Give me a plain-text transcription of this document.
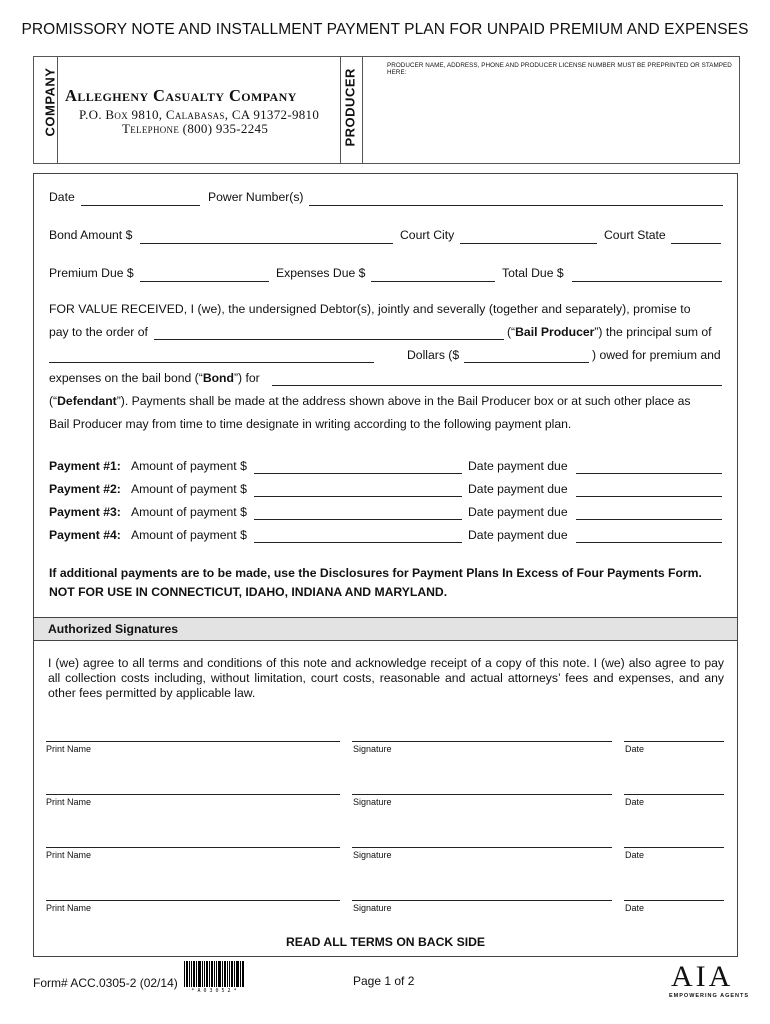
PROMISSORY NOTE AND INSTALLMENT PAYMENT PLAN FOR UNPAID PREMIUM AND EXPENSES
COMPANY Allegheny Casualty Company
P.O. Box 9810, Calabasas, CA 91372-9810
Telephone (800) 935-2245	PRODUCER
PRODUCER NAME, ADDRESS, PHONE AND PRODUCER LICENSE NUMBER MUST BE PREPRINTED OR STAMPED HERE:
Date	Power Number(s)
Bond Amount $	Court City	Court State
Premium Due $	Expenses Due $	Total Due $
FOR VALUE RECEIVED, I (we), the undersigned Debtor(s), jointly and severally (together and separately), promise to
pay to the order of	(“Bail Producer”) the principal sum of
Dollars ($	) owed for premium and
expenses on the bail bond (“Bond”) for
(“Defendant”). Payments shall be made at the address shown above in the Bail Producer box or at such other place as
Bail Producer may from time to time designate in writing according to the following payment plan.
Payment #1: Amount of payment $	Date payment due
Payment #2: Amount of payment $	Date payment due
Payment #3: Amount of payment $	Date payment due
Payment #4: Amount of payment $	Date payment due
If additional payments are to be made, use the Disclosures for Payment Plans In Excess of Four Payments Form.
NOT FOR USE IN CONNECTICUT, IDAHO, INDIANA AND MARYLAND.
Authorized Signatures
I (we) agree to all terms and conditions of this note and acknowledge receipt of a copy of this note. I (we) also agree to pay all collection costs including, without limitation, court costs, reasonable and actual attorneys’ fees and expenses, and any other fees permitted by applicable law.
Print Name	Signature	Date
Print Name	Signature	Date
Print Name	Signature	Date
Print Name	Signature	Date
READ ALL TERMS ON BACK SIDE
Form# ACC.0305-2 (02/14)
* A 0 3 0 5 2 *
Page 1 of 2	AIA
EMPOWERING AGENTS
